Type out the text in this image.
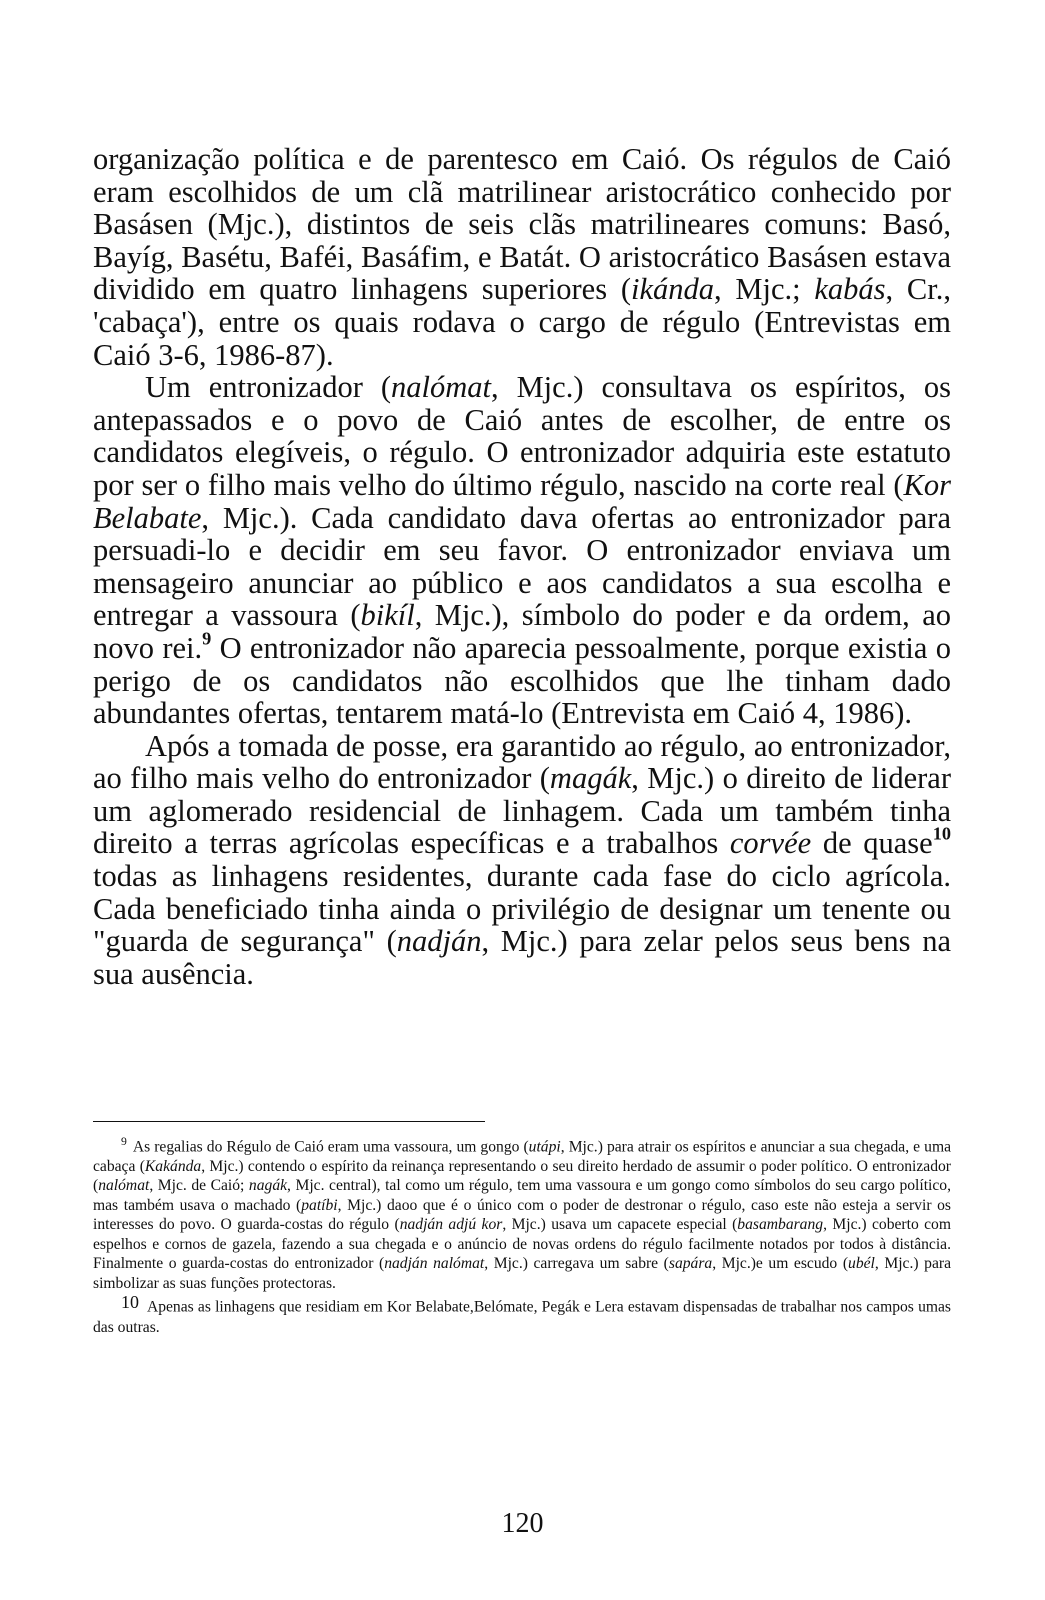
organização política e de parentesco em Caió. Os régulos de Caió eram escolhidos de um clã matrilinear aristocrático conhecido por Basásen (Mjc.), distintos de seis clãs matrilineares comuns: Basó, Bayíg, Basétu, Baféi, Basáfim, e Batát. O aristocrático Basásen estava dividido em quatro linhagens superiores (ikánda, Mjc.; kabás, Cr., 'cabaça'), entre os quais rodava o cargo de régulo (Entrevistas em Caió 3-6, 1986-87).

Um entronizador (nalómat, Mjc.) consultava os espíritos, os antepassados e o povo de Caió antes de escolher, de entre os candidatos elegíveis, o régulo. O entronizador adquiria este estatuto por ser o filho mais velho do último régulo, nascido na corte real (Kor Belabate, Mjc.). Cada candidato dava ofertas ao entronizador para persuadi-lo e decidir em seu favor. O entronizador enviava um mensageiro anunciar ao público e aos candidatos a sua escolha e entregar a vassoura (bikíl, Mjc.), símbolo do poder e da ordem, ao novo rei.$^9$ O entronizador não aparecia pessoalmente, porque existia o perigo de os candidatos não escolhidos que lhe tinham dado abundantes ofertas, tentarem matá-lo (Entrevista em Caió 4, 1986).

Após a tomada de posse, era garantido ao régulo, ao entronizador, ao filho mais velho do entronizador (magák, Mjc.) o direito de liderar um aglomerado residencial de linhagem. Cada um também tinha direito a terras agrícolas específicas e a trabalhos corvée de quase$^{10}$ todas as linhagens residentes, durante cada fase do ciclo agrícola. Cada beneficiado tinha ainda o privilégio de designar um tenente ou "guarda de segurança" (nadján, Mjc.) para zelar pelos seus bens na sua ausência.

$^9$ As regalias do Régulo de Caió eram uma vassoura, um gongo (utápi, Mjc.) para atrair os espíritos e anunciar a sua chegada, e uma cabaça (Kakánda, Mjc.) contendo o espírito da reinança representando o seu direito herdado de assumir o poder político. O entronizador (nalómat, Mjc. de Caió; nagák, Mjc. central), tal como um régulo, tem uma vassoura e um gongo como símbolos do seu cargo político, mas também usava o machado (patíbi, Mjc.) daoo que é o único com o poder de destronar o régulo, caso este não esteja a servir os interesses do povo. O guarda-costas do régulo (nadján adjú kor, Mjc.) usava um capacete especial (basambarang, Mjc.) coberto com espelhos e cornos de gazela, fazendo a sua chegada e o anúncio de novas ordens do régulo facilmente notados por todos à distância. Finalmente o guarda-costas do entronizador (nadján nalómat, Mjc.) carregava um sabre (sapára, Mjc.)e um escudo (ubél, Mjc.) para simbolizar as suas funções protectoras.

10 Apenas as linhagens que residiam em Kor Belabate,Belómate, Pegák e Lera estavam dispensadas de trabalhar nos campos umas das outras.

120
